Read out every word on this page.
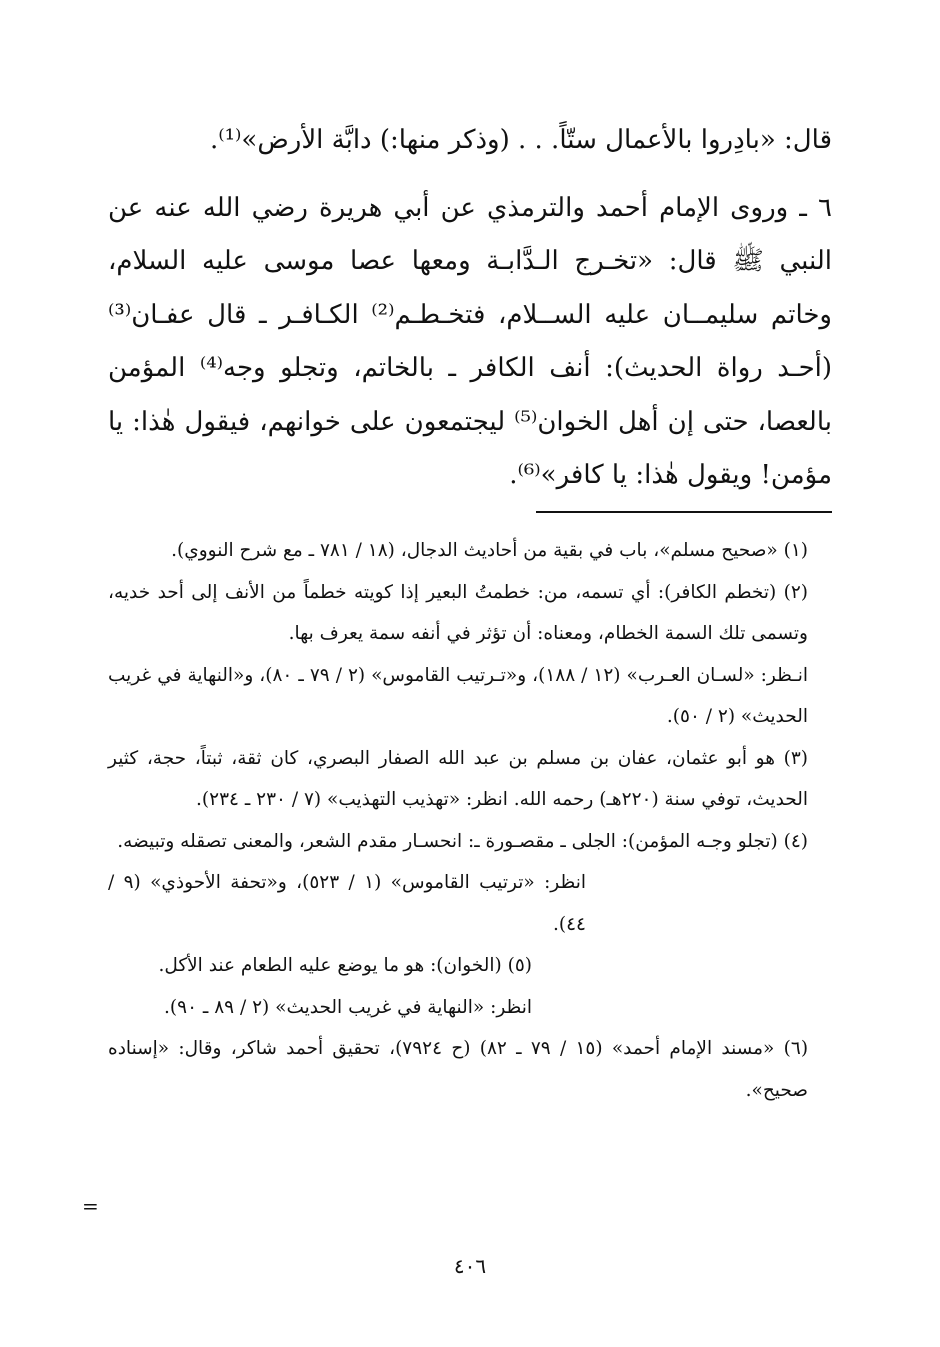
قال: «بادِروا بالأعمال ستّاً. . . (وذكر منها:) دابَّة الأرض»⁽¹⁾.

٦ ـ وروى الإمام أحمد والترمذي عن أبي هريرة رضي الله عنه عن النبي ﷺ قال: «تخـرج الـدَّابـة ومعها عصا موسى عليه السلام، وخاتم سليمــان عليه الســلام، فتخـطـم⁽²⁾ الكـافـر ـ قال عفـان⁽³⁾ (أحـد رواة الحديث): أنف الكافر ـ بالخاتم، وتجلو وجه⁽⁴⁾ المؤمن بالعصا، حتى إن أهل الخوان⁽⁵⁾ ليجتمعون على خوانهم، فيقول هٰذا: يا مؤمن! ويقول هٰذا: يا كافر»⁽⁶⁾.

(١) «صحيح مسلم»، باب في بقية من أحاديث الدجال، (١٨ / ٧٨١ ـ مع شرح النووي).

(٢) (تخطم الكافر): أي تسمه، من: خطمتُ البعير إذا كويته خطماً من الأنف إلى أحد خديه، وتسمى تلك السمة الخطام، ومعناه: أن تؤثر في أنفه سمة يعرف بها.

انـظر: «لسـان العـرب» (١٢ / ١٨٨)، و«تـرتيب القاموس» (٢ / ٧٩ ـ ٨٠)، و«النهاية في غريب الحديث» (٢ / ٥٠).

(٣) هو أبو عثمان، عفان بن مسلم بن عبد الله الصفار البصري، كان ثقة، ثبتاً، حجة، كثير الحديث، توفي سنة (٢٢٠هـ) رحمه الله. انظر: «تهذيب التهذيب» (٧ / ٢٣٠ ـ ٢٣٤).

(٤) (تجلو وجـه المؤمن): الجلى ـ مقصـورة ـ: انحسـار مقدم الشعر، والمعنى تصقله وتبيضه.

انظر: «ترتيب القاموس» (١ / ٥٢٣)، و«تحفة الأحوذي» (٩ / ٤٤).

(٥) (الخوان): هو ما يوضع عليه الطعام عند الأكل.

انظر: «النهاية في غريب الحديث» (٢ / ٨٩ ـ ٩٠).

(٦) «مسند الإمام أحمد» (١٥ / ٧٩ ـ ٨٢) (ح ٧٩٢٤)، تحقيق أحمد شاكر، وقال: «إسناده صحيح».

=
٤٠٦
